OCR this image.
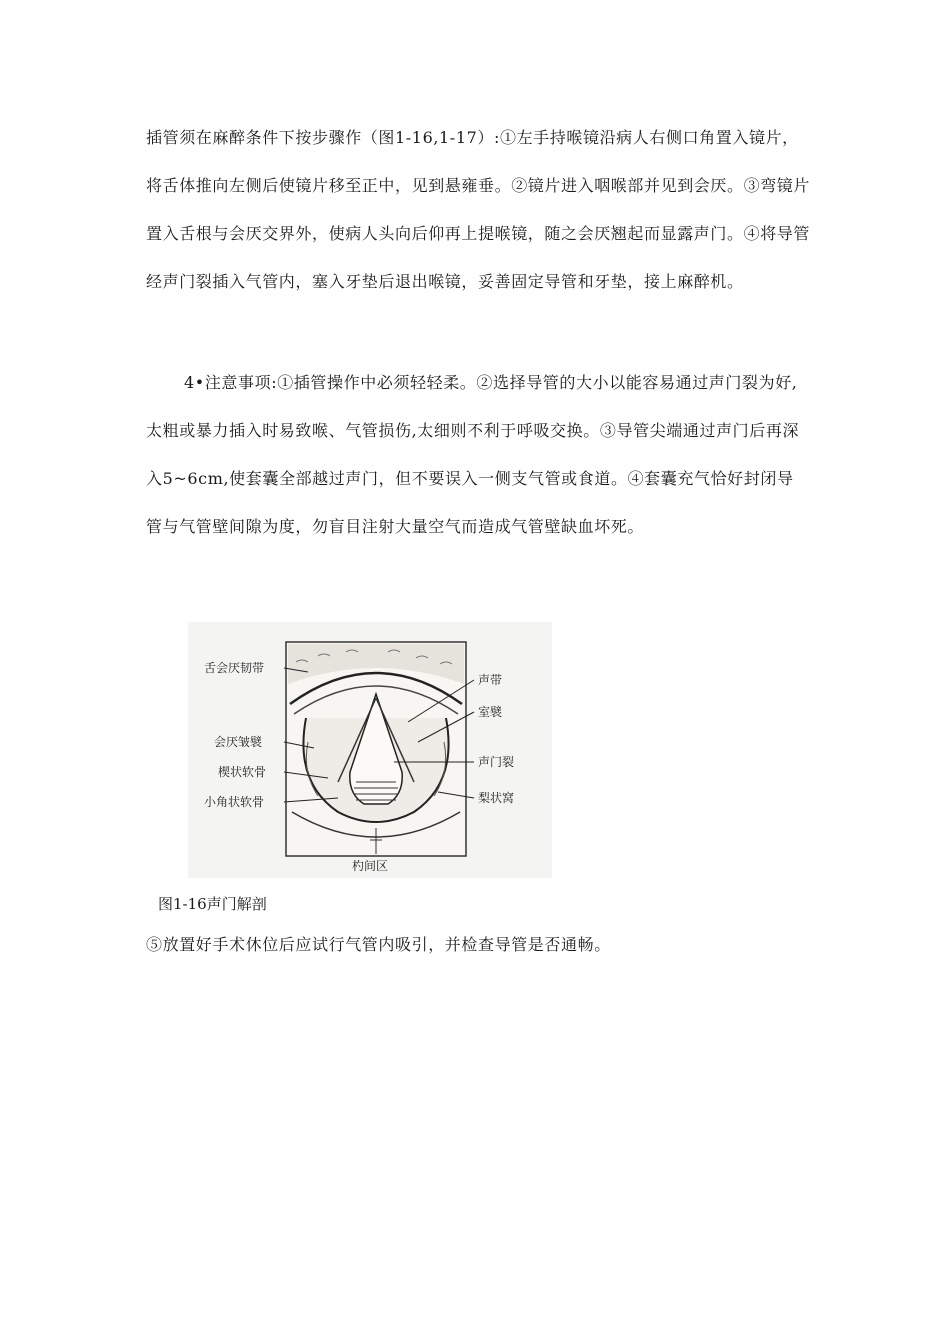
插管须在麻醉条件下按步骤作（图1-16,1-17）:①左手持喉镜沿病人右侧口角置入镜片，将舌体推向左侧后使镜片移至正中，见到悬雍垂。②镜片进入咽喉部并见到会厌。③弯镜片置入舌根与会厌交界外，使病人头向后仰再上提喉镜，随之会厌翘起而显露声门。④将导管经声门裂插入气管内，塞入牙垫后退出喉镜，妥善固定导管和牙垫，接上麻醉机。

4•注意事项:①插管操作中必须轻轻柔。②选择导管的大小以能容易通过声门裂为好,太粗或暴力插入时易致喉、气管损伤,太细则不利于呼吸交换。③导管尖端通过声门后再深入5~6cm,使套囊全部越过声门，但不要误入一侧支气管或食道。④套囊充气恰好封闭导管与气管壁间隙为度，勿盲目注射大量空气而造成气管壁缺血坏死。

舌会厌韧带
会厌皱襞
楔状软骨
小角状软骨
声带
室襞
声门裂
梨状窝
杓间区

图1-16声门解剖

⑤放置好手术休位后应试行气管内吸引，并检查导管是否通畅。
